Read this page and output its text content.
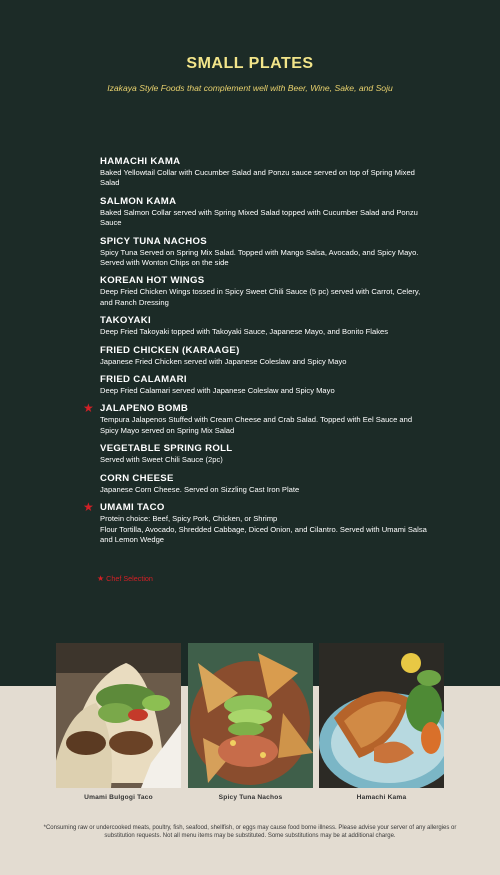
SMALL PLATES
Izakaya Style Foods that complement well with Beer, Wine, Sake, and Soju
HAMACHI KAMA
Baked Yellowtail Collar with Cucumber Salad and Ponzu sauce served on top of Spring Mixed Salad
SALMON KAMA
Baked Salmon Collar served with Spring Mixed Salad topped with Cucumber Salad and Ponzu Sauce
SPICY TUNA NACHOS
Spicy Tuna Served on Spring Mix Salad. Topped with Mango Salsa, Avocado, and Spicy Mayo. Served with Wonton Chips on the side
KOREAN HOT WINGS
Deep Fried Chicken Wings tossed in Spicy Sweet Chili Sauce (5 pc) served with Carrot, Celery, and Ranch Dressing
TAKOYAKI
Deep Fried Takoyaki topped with Takoyaki Sauce, Japanese Mayo, and Bonito Flakes
FRIED CHICKEN (KARAAGE)
Japanese Fried Chicken served with Japanese Coleslaw and Spicy Mayo
FRIED CALAMARI
Deep Fried Calamari served with Japanese Coleslaw and Spicy Mayo
★ JALAPENO BOMB
Tempura Jalapenos Stuffed with Cream Cheese and Crab Salad. Topped with Eel Sauce and Spicy Mayo served on Spring Mix Salad
VEGETABLE SPRING ROLL
Served with Sweet Chili Sauce (2pc)
CORN CHEESE
Japanese Corn Cheese. Served on Sizzling Cast Iron Plate
★ UMAMI TACO
Protein choice: Beef, Spicy Pork, Chicken, or Shrimp
Flour Tortilla, Avocado, Shredded Cabbage, Diced Onion, and Cilantro. Served with Umami Salsa and Lemon Wedge
★ Chef Selection
Umami Bulgogi Taco	Spicy Tuna Nachos	Hamachi Kama
*Consuming raw or undercooked meats, poultry, fish, seafood, shellfish, or eggs may cause food borne illness. Please advise your server of any allergies or substitution requests. Not all menu items may be substituted. Some substitutions may be at additional charge.
